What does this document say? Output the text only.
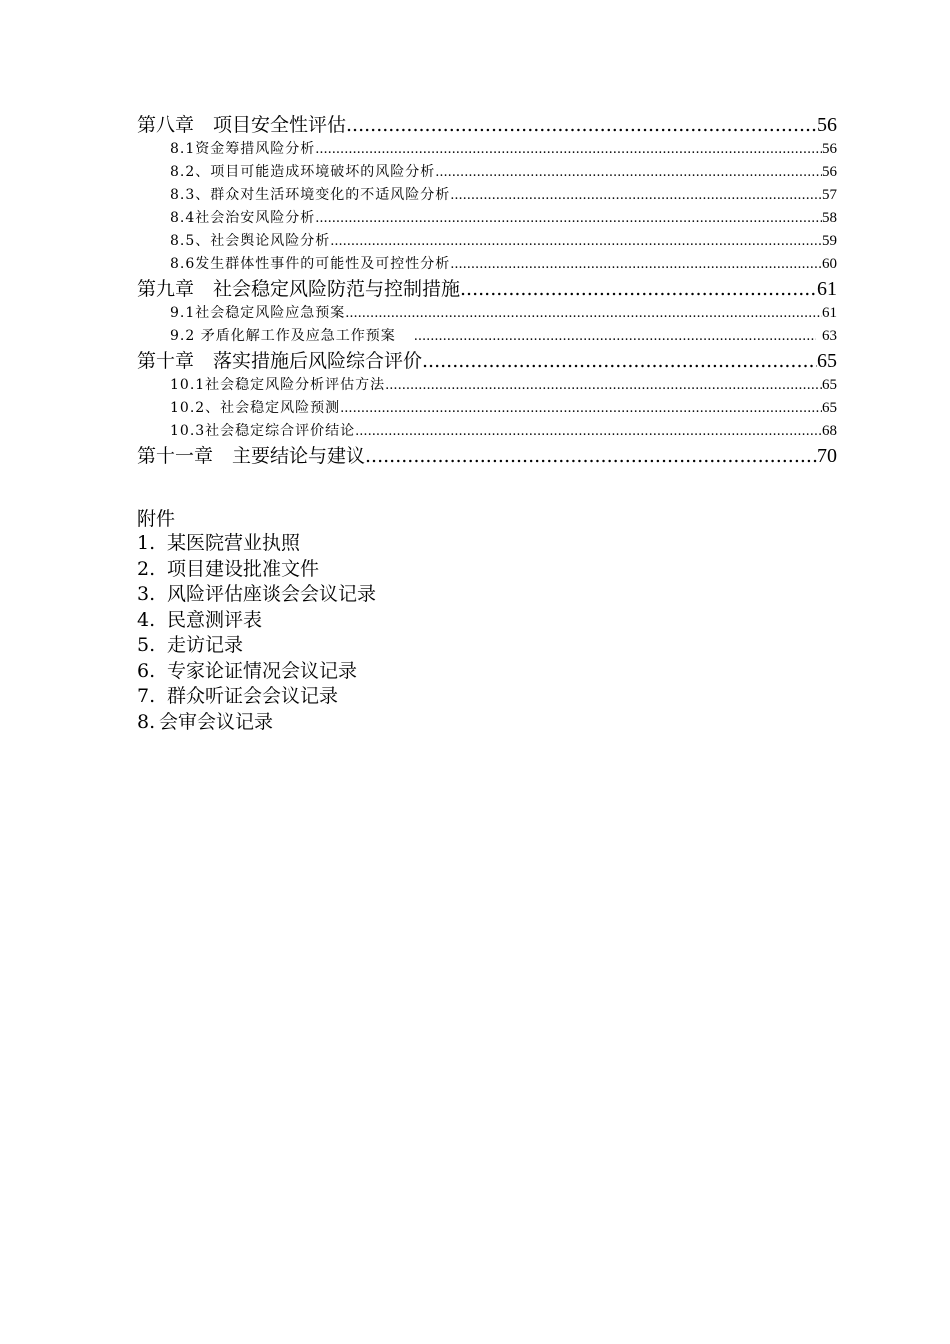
第八章　项目安全性评估 .....	56
8.1资金筹措风险分析 .....	56
8.2、项目可能造成环境破坏的风险分析 .....	56
8.3、群众对生活环境变化的不适风险分析 .....	57
8.4社会治安风险分析 .....	58
8.5、社会舆论风险分析 .....	59
8.6发生群体性事件的可能性及可控性分析 .....	60
第九章　社会稳定风险防范与控制措施 .....	61
9.1社会稳定风险应急预案 .....	61
9.2 矛盾化解工作及应急工作预案 .....	63
第十章　落实措施后风险综合评价 .....	65
10.1社会稳定风险分析评估方法 .....	65
10.2、社会稳定风险预测 .....	65
10.3社会稳定综合评价结论 .....	68
第十一章　主要结论与建议 .....	70
附件
1. 某医院营业执照
2. 项目建设批准文件
3. 风险评估座谈会会议记录
4. 民意测评表
5. 走访记录
6. 专家论证情况会议记录
7. 群众听证会会议记录
8. 会审会议记录
